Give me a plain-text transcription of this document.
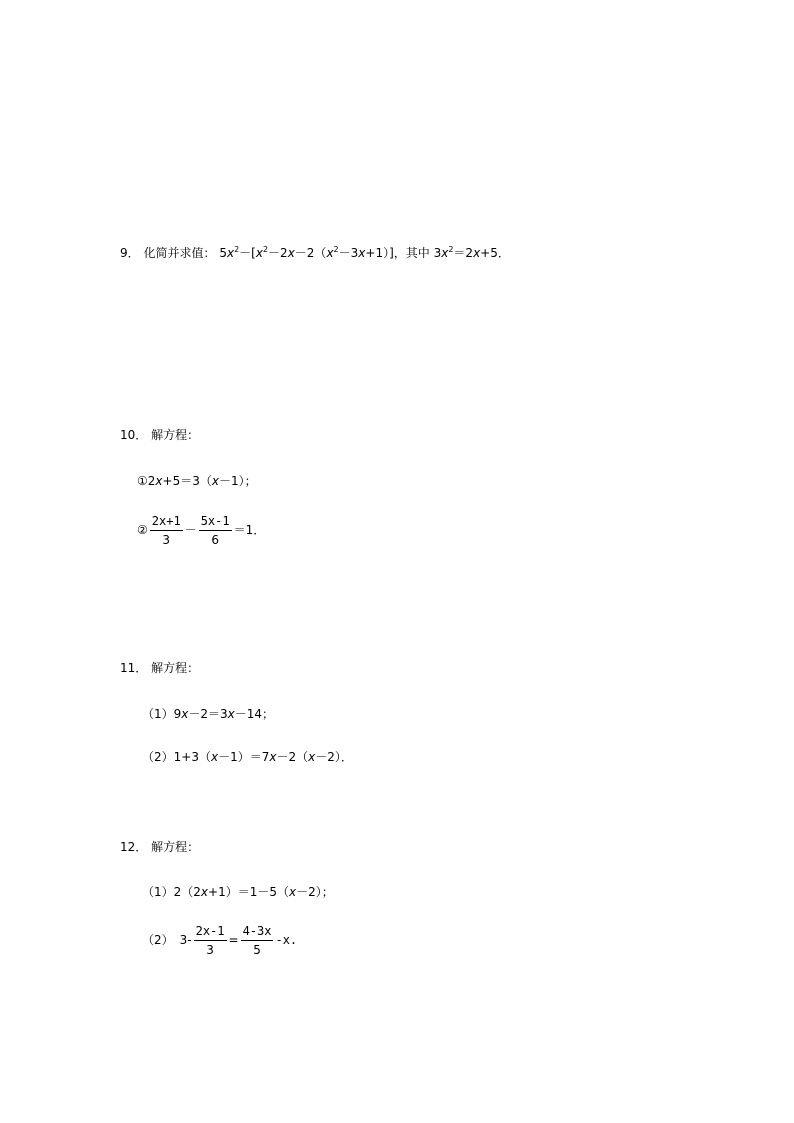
9． 化简并求值： $5x^2-[x^2-2x-2(x^2-3x+1)]$，其中 $3x^2=2x+5$．
10． 解方程：
①2x+5＝3（x－1）；
② $\frac{2x+1}{3} - \frac{5x-1}{6} =1$．
11． 解方程：
（1）9x－2＝3x－14；
（2）1+3（x－1）＝7x－2（x－2）．
12． 解方程：
（1）2（2x+1）＝1－5（x－2）；
（2） $3- \frac{2x-1}{3} = \frac{4-3x}{5} -x$.
